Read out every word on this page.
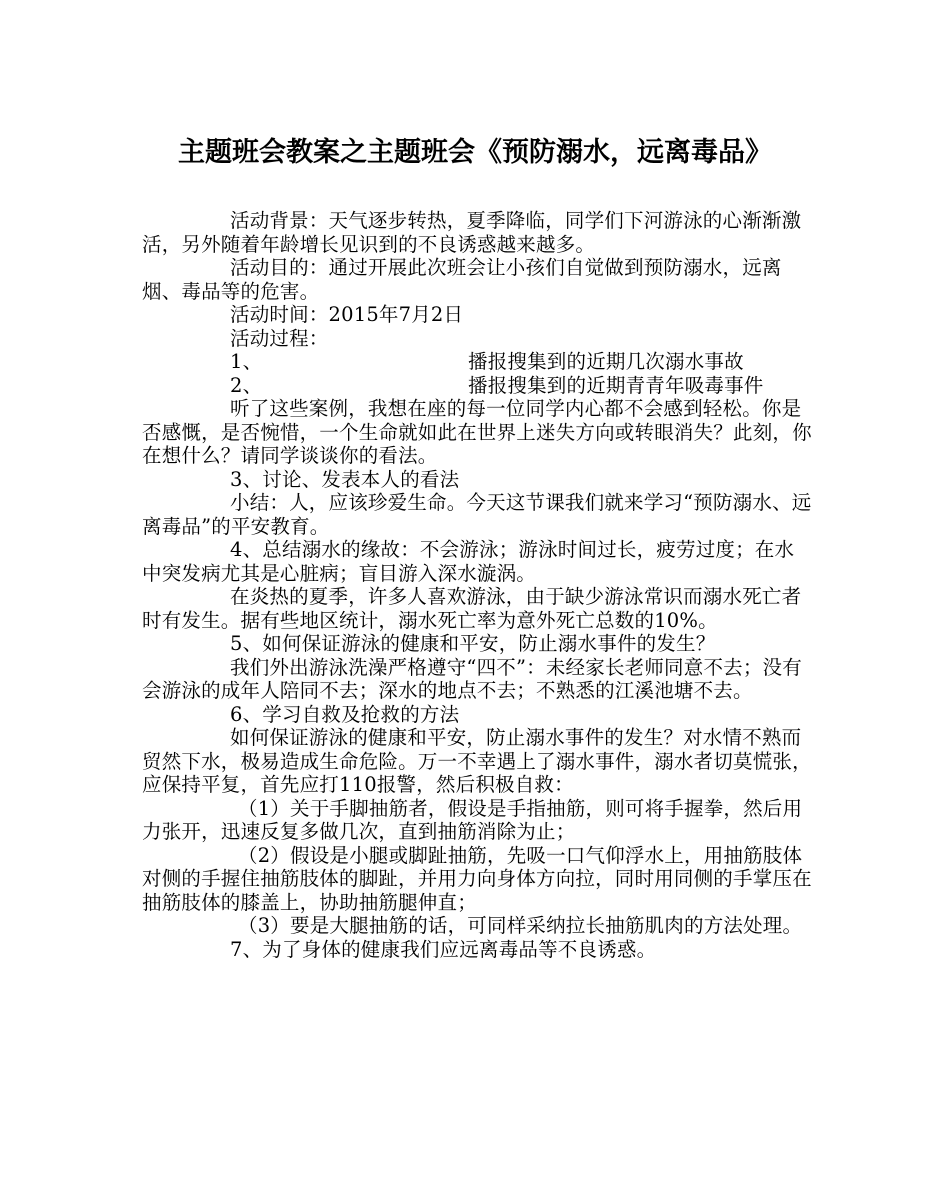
主题班会教案之主题班会《预防溺水，远离毒品》

活动背景：天气逐步转热，夏季降临，同学们下河游泳的心渐渐激活，另外随着年龄增长见识到的不良诱惑越来越多。

活动目的：通过开展此次班会让小孩们自觉做到预防溺水，远离烟、毒品等的危害。

活动时间：2015年7月2日

活动过程：

1、	播报搜集到的近期几次溺水事故
2、	播报搜集到的近期青青年吸毒事件

听了这些案例，我想在座的每一位同学内心都不会感到轻松。你是否感慨，是否惋惜，一个生命就如此在世界上迷失方向或转眼消失？此刻，你在想什么？请同学谈谈你的看法。

3、讨论、发表本人的看法

小结：人，应该珍爱生命。今天这节课我们就来学习“预防溺水、远离毒品”的平安教育。

4、总结溺水的缘故：不会游泳；游泳时间过长，疲劳过度；在水中突发病尤其是心脏病；盲目游入深水漩涡。

在炎热的夏季，许多人喜欢游泳，由于缺少游泳常识而溺水死亡者时有发生。据有些地区统计，溺水死亡率为意外死亡总数的10%。

5、如何保证游泳的健康和平安，防止溺水事件的发生？

我们外出游泳洗澡严格遵守“四不”：未经家长老师同意不去；没有会游泳的成年人陪同不去；深水的地点不去；不熟悉的江溪池塘不去。

6、学习自救及抢救的方法

如何保证游泳的健康和平安，防止溺水事件的发生？对水情不熟而贸然下水，极易造成生命危险。万一不幸遇上了溺水事件，溺水者切莫慌张，应保持平复，首先应打110报警，然后积极自救：

（1）关于手脚抽筋者，假设是手指抽筋，则可将手握拳，然后用力张开，迅速反复多做几次，直到抽筋消除为止；

（2）假设是小腿或脚趾抽筋，先吸一口气仰浮水上，用抽筋肢体对侧的手握住抽筋肢体的脚趾，并用力向身体方向拉，同时用同侧的手掌压在抽筋肢体的膝盖上，协助抽筋腿伸直；

（3）要是大腿抽筋的话，可同样采纳拉长抽筋肌肉的方法处理。

7、为了身体的健康我们应远离毒品等不良诱惑。
